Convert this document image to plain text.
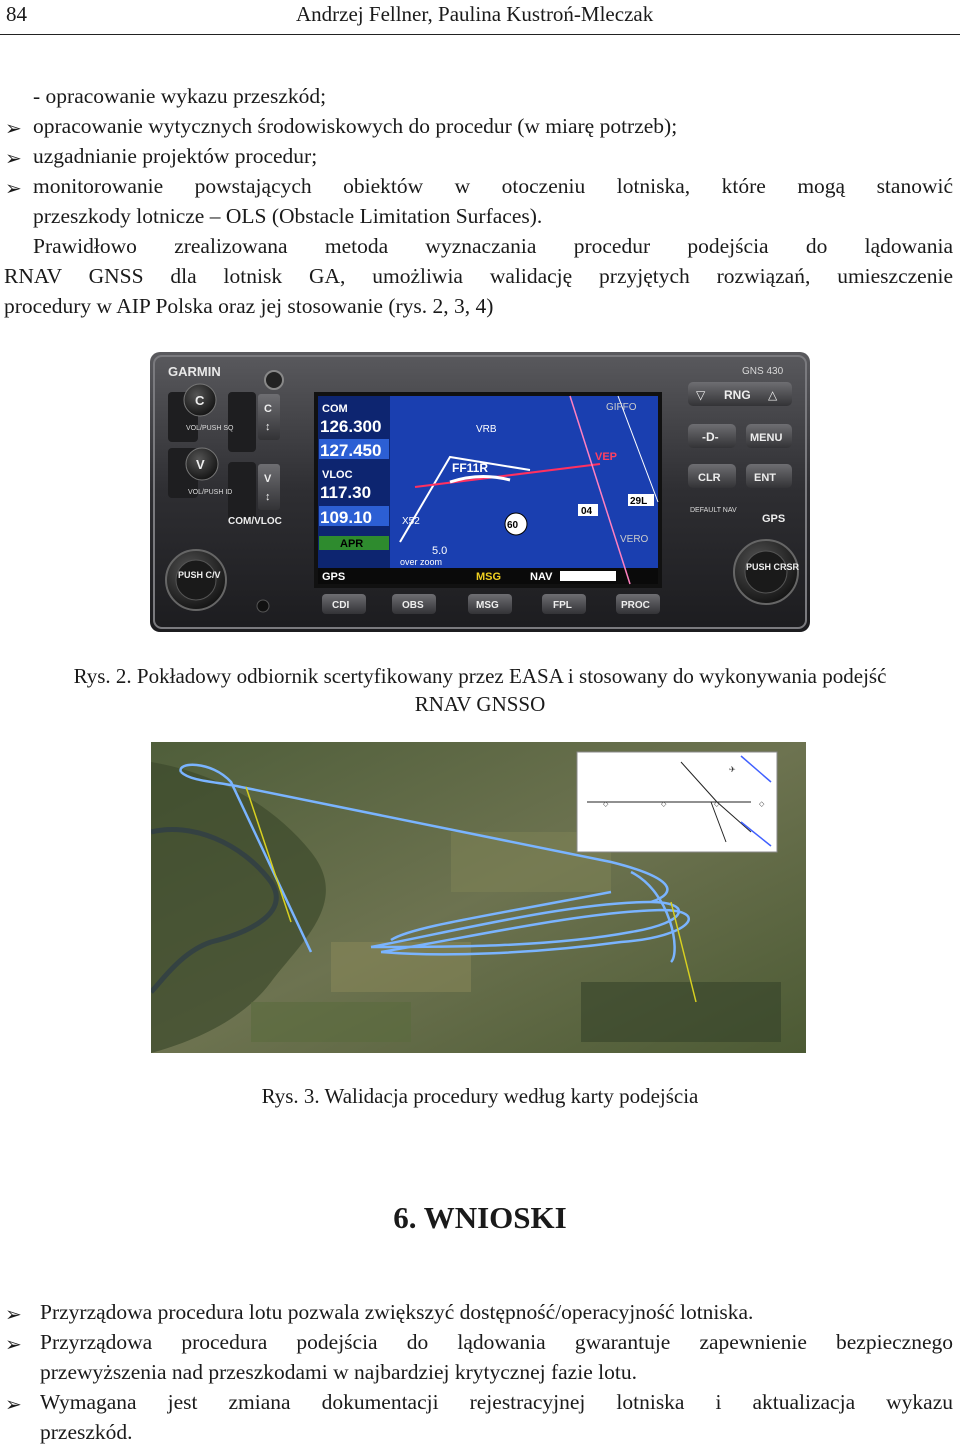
84	Andrzej Fellner, Paulina Kustroń-Mleczak
- opracowanie wykazu przeszkód;
➢ opracowanie wytycznych środowiskowych do procedur (w miarę potrzeb);
➢ uzgadnianie projektów procedur;
➢ monitorowanie powstających obiektów w otoczeniu lotniska, które mogą stanowić
przeszkody lotnicze – OLS (Obstacle Limitation Surfaces).
Prawidłowo zrealizowana metoda wyznaczania procedur podejścia do lądowania
RNAV GNSS dla lotnisk GA, umożliwia walidację przyjętych rozwiązań, umieszczenie
procedury w AIP Polska oraz jej stosowanie (rys. 2, 3, 4)
GARMIN	GNS 430
C
VOL/PUSH SQ
V
VOL/PUSH ID
C
↕
V
↕
COM/VLOC
PUSH C/V
COM
126.300
127.450
VLOC
117.30
109.10
APR
GPS	MSG	NAV
60
FF11R
VEP
VRB
GIFFO
X52
VERO
29L
04
5.0
over zoom
▽ RNG △
-D-	MENU
CLR	ENT
DEFAULT NAV
GPS
PUSH CRSR
CDI	OBS	MSG	FPL	PROC
Rys. 2. Pokładowy odbiornik scertyfikowany przez EASA i stosowany do wykonywania podejść
RNAV GNSSO
◇	◇	◇	◇
✈
Rys. 3. Walidacja procedury według karty podejścia
6. WNIOSKI
➢ Przyrządowa procedura lotu pozwala zwiększyć dostępność/operacyjność lotniska.
➢ Przyrządowa procedura podejścia do lądowania gwarantuje zapewnienie bezpiecznego
przewyższenia nad przeszkodami w najbardziej krytycznej fazie lotu.
➢ Wymagana jest zmiana dokumentacji rejestracyjnej lotniska i aktualizacja wykazu
przeszkód.
